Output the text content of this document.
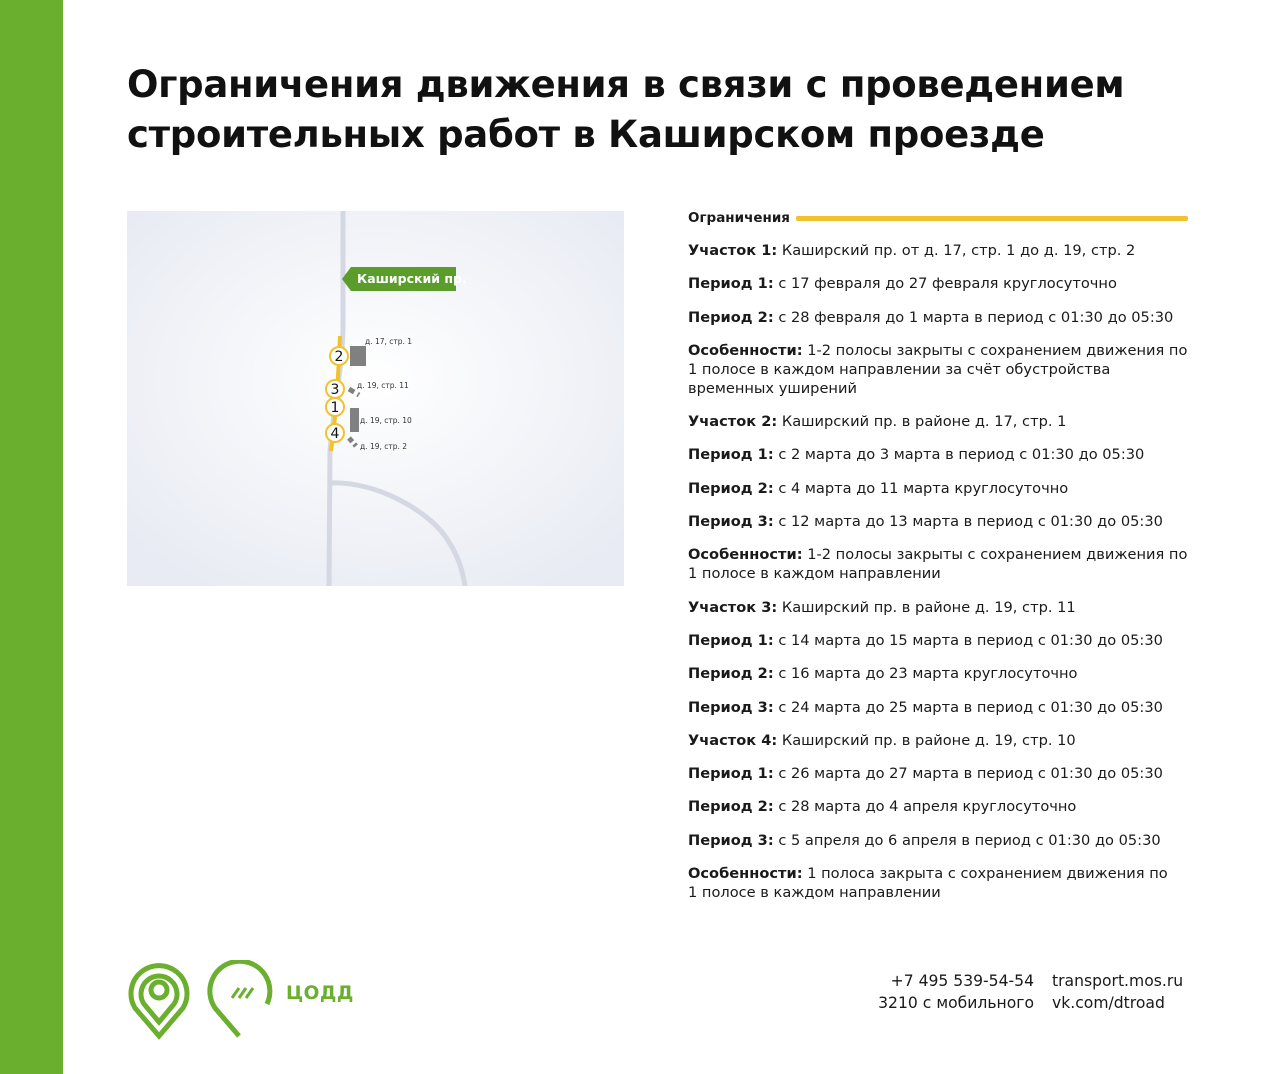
Ограничения движения в связи с проведением
строительных работ в Каширском проезде
Каширский пр.
д. 17, стр. 1
д. 19, стр. 11
д. 19, стр. 10
д. 19, стр. 2
2
3
1
4
Ограничения
Участок 1: Каширский пр. от д. 17, стр. 1 до д. 19, стр. 2
Период 1: с 17 февраля до 27 февраля круглосуточно
Период 2: с 28 февраля до 1 марта в период с 01:30 до 05:30
Особенности: 1-2 полосы закрыты с сохранением движения по
1 полосе в каждом направлении за счёт обустройства временных уширений
Участок 2: Каширский пр. в районе д. 17, стр. 1
Период 1: с 2 марта до 3 марта в период с 01:30 до 05:30
Период 2: с 4 марта до 11 марта круглосуточно
Период 3: с 12 марта до 13 марта в период с 01:30 до 05:30
Особенности: 1-2 полосы закрыты с сохранением движения по
1 полосе в каждом направлении
Участок 3: Каширский пр. в районе д. 19, стр. 11
Период 1: с 14 марта до 15 марта в период с 01:30 до 05:30
Период 2: с 16 марта до 23 марта круглосуточно
Период 3: с 24 марта до 25 марта в период с 01:30 до 05:30
Участок 4: Каширский пр. в районе д. 19, стр. 10
Период 1: с 26 марта до 27 марта в период с 01:30 до 05:30
Период 2: с 28 марта до 4 апреля круглосуточно
Период 3: с 5 апреля до 6 апреля в период с 01:30 до 05:30
Особенности: 1 полоса закрыта с сохранением движения по
1 полосе в каждом направлении
ЦОДД
+7 495 539-54-54
3210 с мобильного
transport.mos.ru
vk.com/dtroad
